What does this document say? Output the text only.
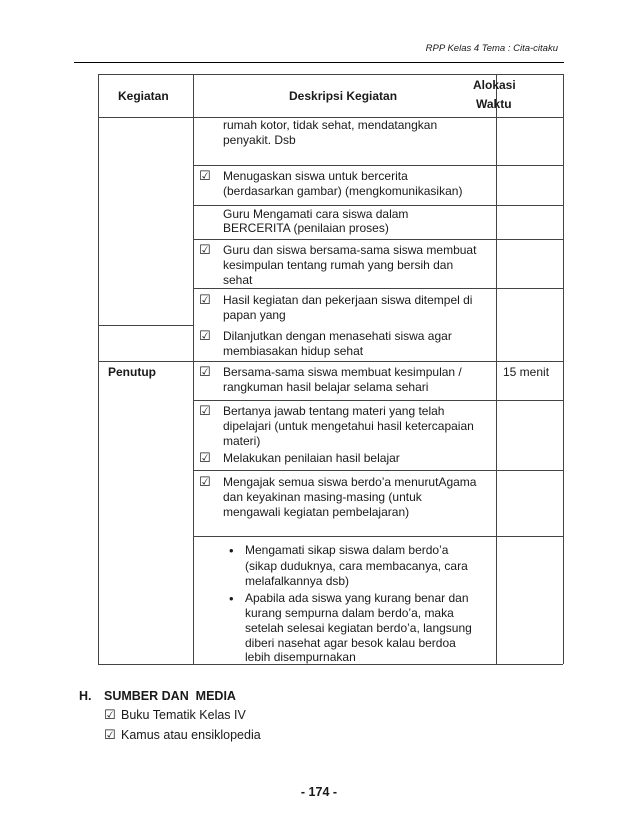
RPP Kelas 4 Tema : Cita-citaku
Kegiatan	Deskripsi Kegiatan
Alokasi
Waktu
rumah kotor, tidak sehat, mendatangkan
penyakit. Dsb
☑ Menugaskan siswa untuk bercerita
(berdasarkan gambar) (mengkomunikasikan)
Guru Mengamati cara siswa dalam
BERCERITA (penilaian proses)
☑ Guru dan siswa bersama-sama siswa membuat
kesimpulan tentang rumah yang bersih dan
sehat
☑ Hasil kegiatan dan pekerjaan siswa ditempel di
papan yang
☑ Dilanjutkan dengan menasehati siswa agar
membiasakan hidup sehat
Penutup	☑ Bersama-sama siswa membuat kesimpulan /
rangkuman hasil belajar selama sehari
15 menit
☑ Bertanya jawab tentang materi yang telah
dipelajari (untuk mengetahui hasil ketercapaian
materi)
☑ Melakukan penilaian hasil belajar
☑ Mengajak semua siswa berdo’a menurutAgama
dan keyakinan masing-masing (untuk
mengawali kegiatan pembelajaran)
• Mengamati sikap siswa dalam berdo’a
(sikap duduknya, cara membacanya, cara
melafalkannya dsb)
• Apabila ada siswa yang kurang benar dan
kurang sempurna dalam berdo’a, maka
setelah selesai kegiatan berdo’a, langsung
diberi nasehat agar besok kalau berdoa
lebih disempurnakan
H. SUMBER DAN  MEDIA
☑ Buku Tematik Kelas IV
☑ Kamus atau ensiklopedia
- 174 -
